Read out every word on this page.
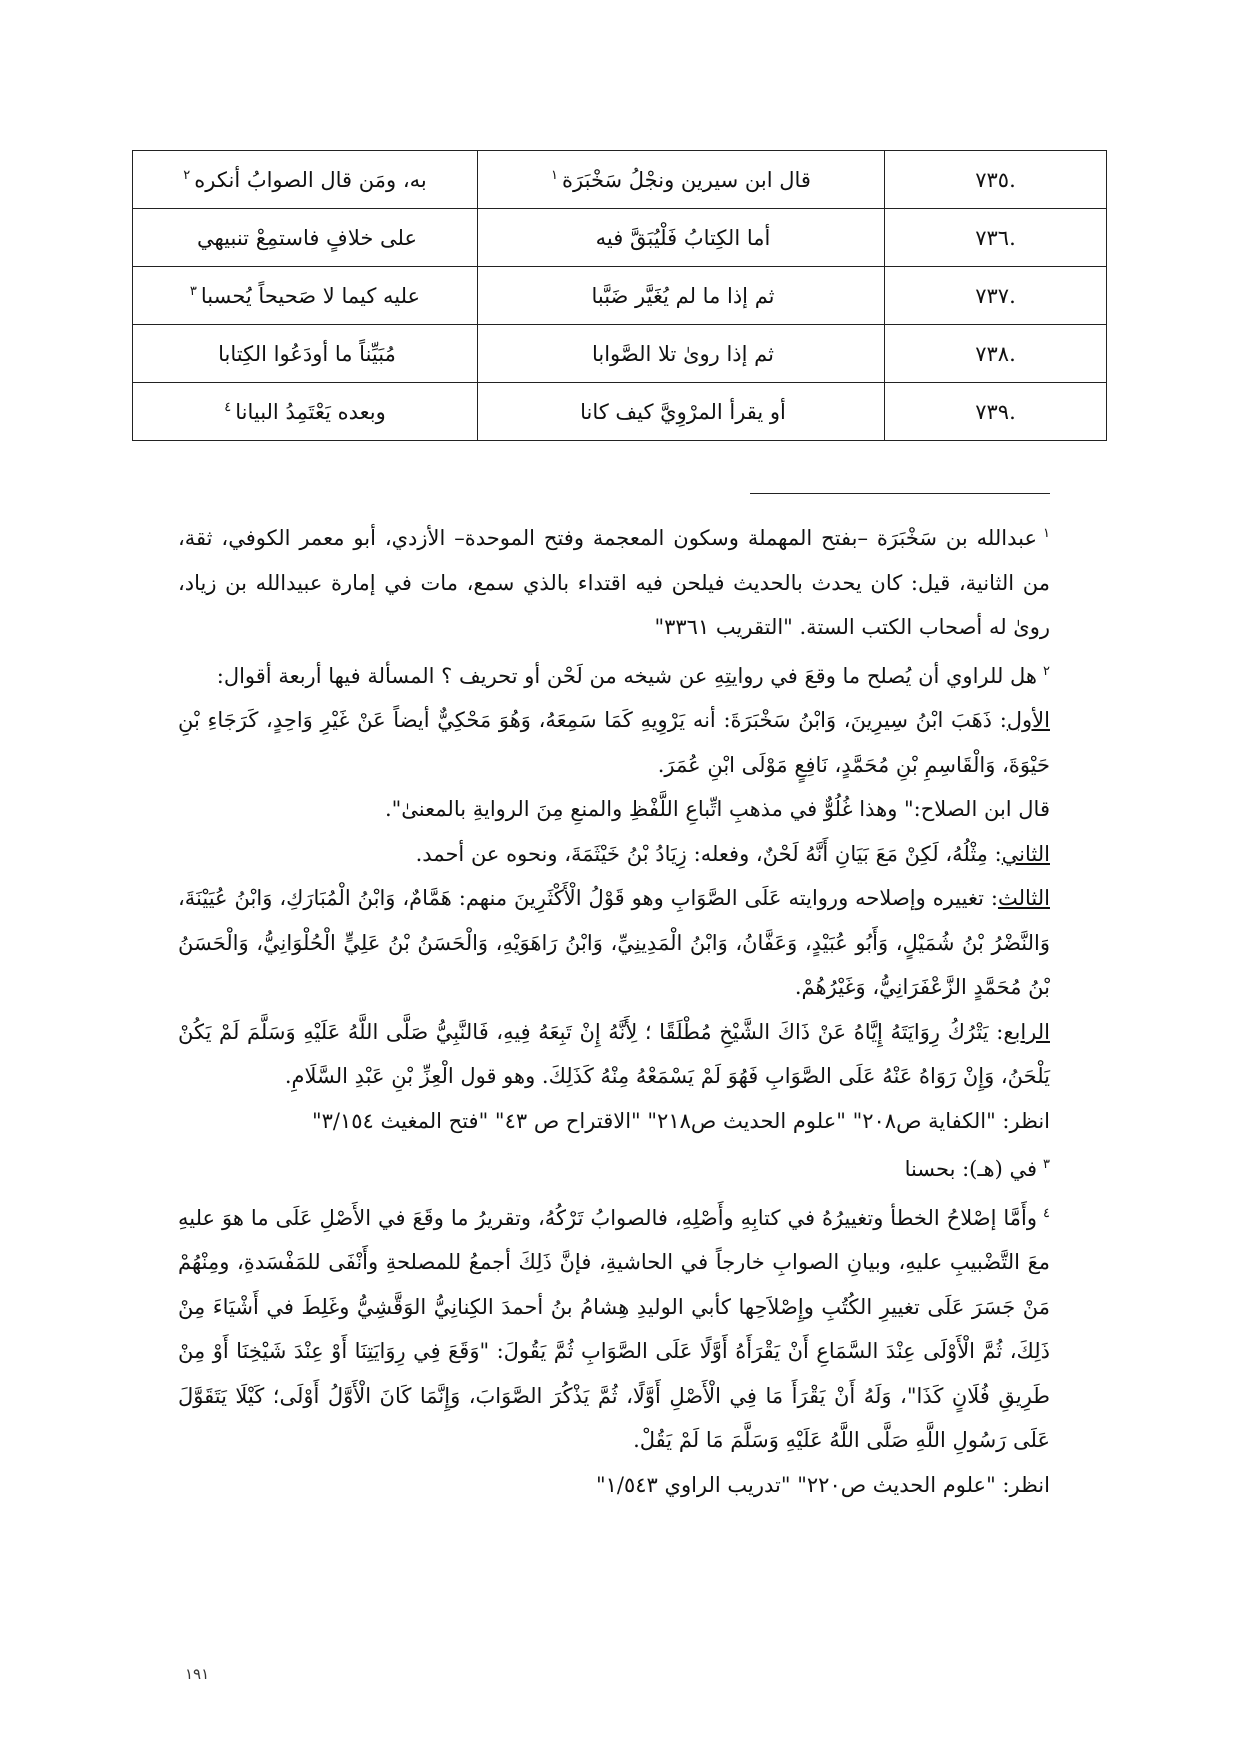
.٧٣٥	قال ابن سيرين ونجْلُ سَخْبَرَة$^١$	به، ومَن قال الصوابُ أنكره$^٢$
.٧٣٦	أما الكِتابُ فَلْيُبَقَّ فيه	على خلافٍ فاستمِعْ تنبيهي
.٧٣٧	ثم إذا ما لم يُغَيَّر ضَبَّبا	عليه كيما لا صَحيحاً يُحسبا$^٣$
.٧٣٨	ثم إذا روىٰ تلا الصَّوابا	مُبَيِّناً ما أودَعُوا الكِتابا
.٧٣٩	أو يقرأ المرْوِيَّ كيف كانا	وبعده يَعْتَمِدُ البيانا$^٤$

$^١$عبدالله بن سَخْبَرَة –بفتح المهملة وسكون المعجمة وفتح الموحدة– الأزدي، أبو معمر الكوفي، ثقة، من الثانية، قيل: كان يحدث بالحديث فيلحن فيه اقتداء بالذي سمع، مات في إمارة عبيدالله بن زياد، روىٰ له أصحاب الكتب الستة. "التقريب ٣٣٦١"

$^٢$هل للراوي أن يُصلح ما وقعَ في روايتِهِ عن شيخه من لَحْن أو تحريف ؟ المسألة فيها أربعة أقوال:

الأول: ذَهَبَ ابْنُ سِيرِينَ، وَابْنُ سَخْبَرَةَ: أنه يَرْوِيهِ كَمَا سَمِعَهُ، وَهُوَ مَحْكِيٌّ أيضاً عَنْ غَيْرِ وَاحِدٍ، كَرَجَاءِ بْنِ حَيْوَةَ، وَالْقَاسِمِ بْنِ مُحَمَّدٍ، نَافِعٍ مَوْلَى ابْنِ عُمَرَ.

قال ابن الصلاح:" وهذا غُلُوٌّ في مذهبِ اتِّباعِ اللَّفْظِ والمنعِ مِنَ الروايةِ بالمعنىٰ".

الثاني: مِثْلُهُ، لَكِنْ مَعَ بَيَانِ أَنَّهُ لَحْنٌ، وفعله: زِيَادُ بْنُ خَيْثَمَةَ، ونحوه عن أحمد.

الثالث: تغييره وإصلاحه وروايته عَلَى الصَّوَابِ وهو قَوْلُ الْأَكْثَرِينَ منهم: هَمَّامٌ، وَابْنُ الْمُبَارَكِ، وَابْنُ عُيَيْنَةَ، وَالنَّضْرُ بْنُ شُمَيْلٍ، وَأَبُو عُبَيْدٍ، وَعَفَّانُ، وَابْنُ الْمَدِينِيِّ، وَابْنُ رَاهَوَيْهِ، وَالْحَسَنُ بْنُ عَلِيٍّ الْحُلْوَانِيُّ، وَالْحَسَنُ بْنُ مُحَمَّدٍ الزَّعْفَرَانِيُّ، وَغَيْرُهُمْ.

الرابع: يَتْرُكُ رِوَايَتَهُ إِيَّاهُ عَنْ ذَاكَ الشَّيْخِ مُطْلَقًا ؛ لِأَنَّهُ إِنْ تَبِعَهُ فِيهِ، فَالنَّبِيُّ صَلَّى اللَّهُ عَلَيْهِ وَسَلَّمَ لَمْ يَكُنْ يَلْحَنُ، وَإِنْ رَوَاهُ عَنْهُ عَلَى الصَّوَابِ فَهُوَ لَمْ يَسْمَعْهُ مِنْهُ كَذَلِكَ. وهو قول الْعِزِّ بْنِ عَبْدِ السَّلَامِ.

انظر: "الكفاية ص٢٠٨" "علوم الحديث ص٢١٨" "الاقتراح ص ٤٣" "فتح المغيث ٣/١٥٤"

$^٣$في (هـ): بحسنا

$^٤$وأَمَّا إصْلاحُ الخطأ وتغييرُهُ في كتابِهِ وأَصْلِهِ، فالصوابُ تَرْكُهُ، وتقريرُ ما وقَعَ في الأَصْلِ عَلَى ما هوَ عليهِ معَ التَّضْبيبِ عليهِ، وبيانِ الصوابِ خارجاً في الحاشيةِ، فإنَّ ذَلِكَ أجمعُ للمصلحةِ وأَنْفَى للمَفْسَدةِ، ومِنْهُمْ مَنْ جَسَرَ عَلَى تغييرِ الكُتُبِ وإِصْلاَحِها كأبي الوليدِ هِشامُ بنُ أحمدَ الكِنانِيُّ الوَقَّشِيُّ وغَلِطَ في أَشْيَاءَ مِنْ ذَلِكَ، ثُمَّ الْأَوْلَى عِنْدَ السَّمَاعِ أَنْ يَقْرَأَهُ أَوَّلًا عَلَى الصَّوَابِ ثُمَّ يَقُولَ: "وَقَعَ فِي رِوَايَتِنَا أَوْ عِنْدَ شَيْخِنَا أَوْ مِنْ طَرِيقِ فُلَانٍ كَذَا"، وَلَهُ أَنْ يَقْرَأَ مَا فِي الْأَصْلِ أَوَّلًا، ثُمَّ يَذْكُرَ الصَّوَابَ، وَإِنَّمَا كَانَ الْأَوَّلُ أَوْلَى؛ كَيْلَا يَتَقَوَّلَ عَلَى رَسُولِ اللَّهِ صَلَّى اللَّهُ عَلَيْهِ وَسَلَّمَ مَا لَمْ يَقُلْ.

انظر: "علوم الحديث ص٢٢٠" "تدريب الراوي ١/٥٤٣"

١٩١
